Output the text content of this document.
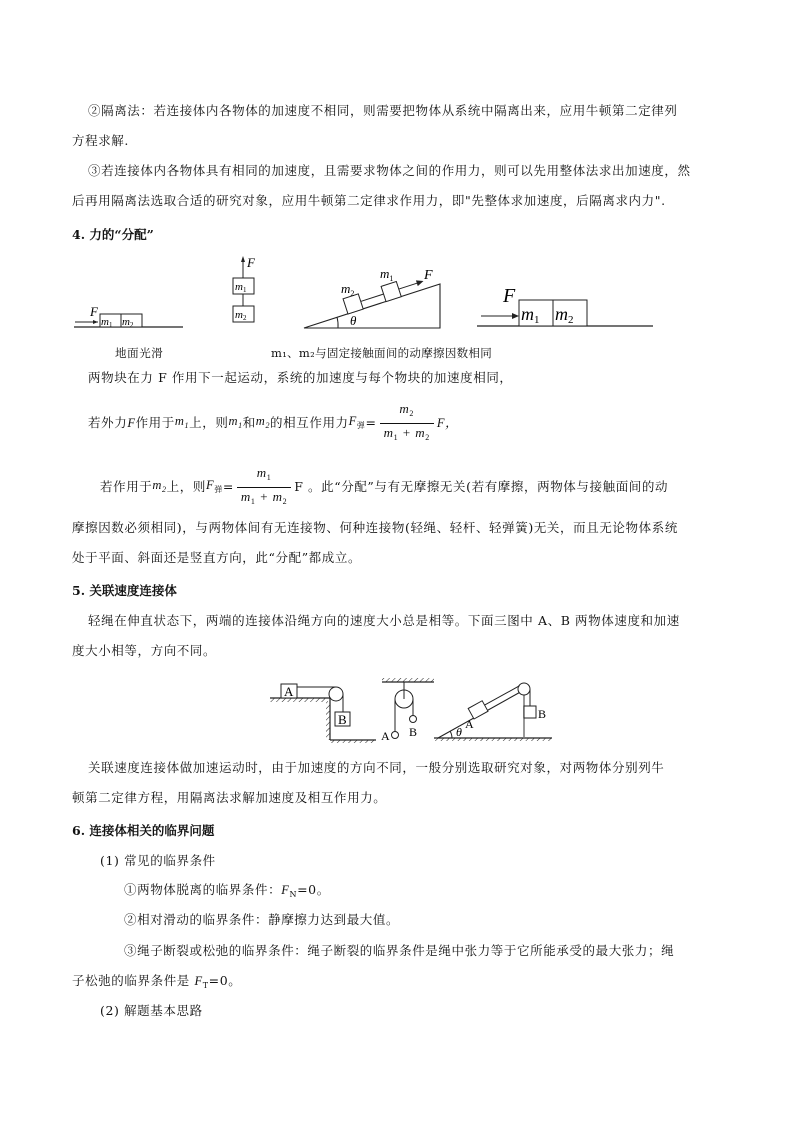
②隔离法：若连接体内各物体的加速度不相同，则需要把物体从系统中隔离出来，应用牛顿第二定律列
方程求解.
③若连接体内各物体具有相同的加速度，且需要求物体之间的作用力，则可以先用整体法求出加速度，然
后再用隔离法选取合适的研究对象，应用牛顿第二定律求作用力，即"先整体求加速度，后隔离求内力".
4. 力的“分配”
F
m1 m2
F
m1
m2	θ
$m_2$
$m_1$ F
F
m1 m2
地面光滑	m₁、m₂与固定接触面间的动摩擦因数相同
两物块在力 F 作用下一起运动，系统的加速度与每个物块的加速度相同，
若外力 F 作用于 $m_1$ 上，则 $m_1$ 和 $m_2$ 的相互作用力 $F_弹 = \frac{m_2}{m_1 + m_2}$ F，
若作用于 $m_2$ 上，则 $F_弹 = \frac{m_1}{m_1 + m_2}$ F 。此“分配”与有无摩擦无关(若有摩擦，两物体与接触面间的动
摩擦因数必须相同)，与两物体间有无连接物、何种连接物(轻绳、轻杆、轻弹簧)无关，而且无论物体系统
处于平面、斜面还是竖直方向，此“分配”都成立。
5. 关联速度连接体
轻绳在伸直状态下，两端的连接体沿绳方向的速度大小总是相等。下面三图中 A、B 两物体速度和加速
度大小相等，方向不同。
A
B
A B	θ
B
A
关联速度连接体做加速运动时，由于加速度的方向不同，一般分别选取研究对象，对两物体分别列牛
顿第二定律方程，用隔离法求解加速度及相互作用力。
6. 连接体相关的临界问题
(1) 常见的临界条件
①两物体脱离的临界条件：$F_N=0$。
②相对滑动的临界条件：静摩擦力达到最大值。
③绳子断裂或松弛的临界条件：绳子断裂的临界条件是绳中张力等于它所能承受的最大张力；绳
子松弛的临界条件是 $F_T=0$。
(2) 解题基本思路
